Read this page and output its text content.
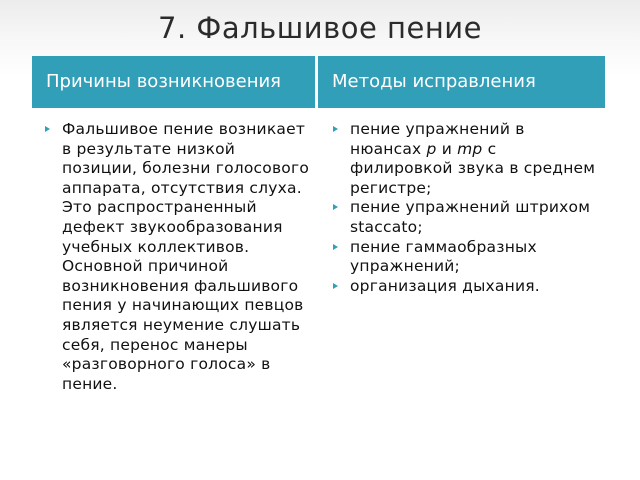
7. Фальшивое пение
Причины возникновения	Методы исправления
Фальшивое пение возникает в результате низкой позиции, болезни голосового аппарата, отсутствия слуха. Это распространенный дефект звукообразования учебных коллективов. Основной причиной возникновения фальшивого пения у начинающих певцов является неумение слушать себя, перенос манеры «разговорного голоса» в пение.
пение упражнений в нюансах p и mp с филировкой звука в среднем регистре;
пение упражнений штрихом staccato;
пение гаммаобразных упражнений;
организация дыхания.
